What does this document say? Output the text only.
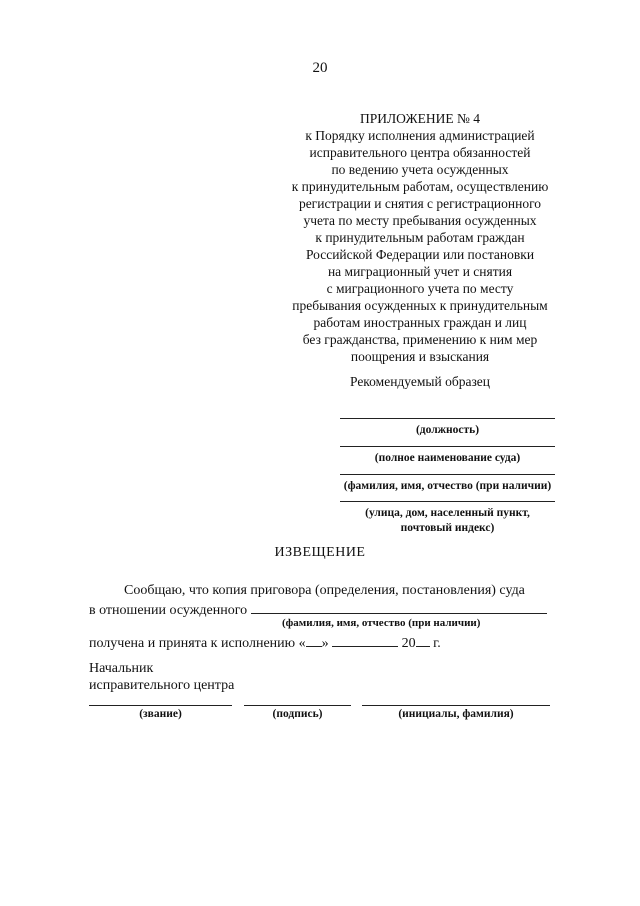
20
ПРИЛОЖЕНИЕ № 4
к Порядку исполнения администрацией
исправительного центра обязанностей
по ведению учета осужденных
к принудительным работам, осуществлению
регистрации и снятия с регистрационного
учета по месту пребывания осужденных
к принудительным работам граждан
Российской Федерации или постановки
на миграционный учет и снятия
с миграционного учета по месту
пребывания осужденных к принудительным
работам иностранных граждан и лиц
без гражданства, применению к ним мер
поощрения и взыскания
Рекомендуемый образец
(должность)
(полное наименование суда)
(фамилия, имя, отчество (при наличии)
(улица, дом, населенный пункт,
почтовый индекс)
ИЗВЕЩЕНИЕ
Сообщаю, что копия приговора (определения, постановления) суда
в отношении осужденного
(фамилия, имя, отчество (при наличии)
получена и принята к исполнению « »	20 г.
Начальник
исправительного центра
(звание)	(подпись)	(инициалы, фамилия)
